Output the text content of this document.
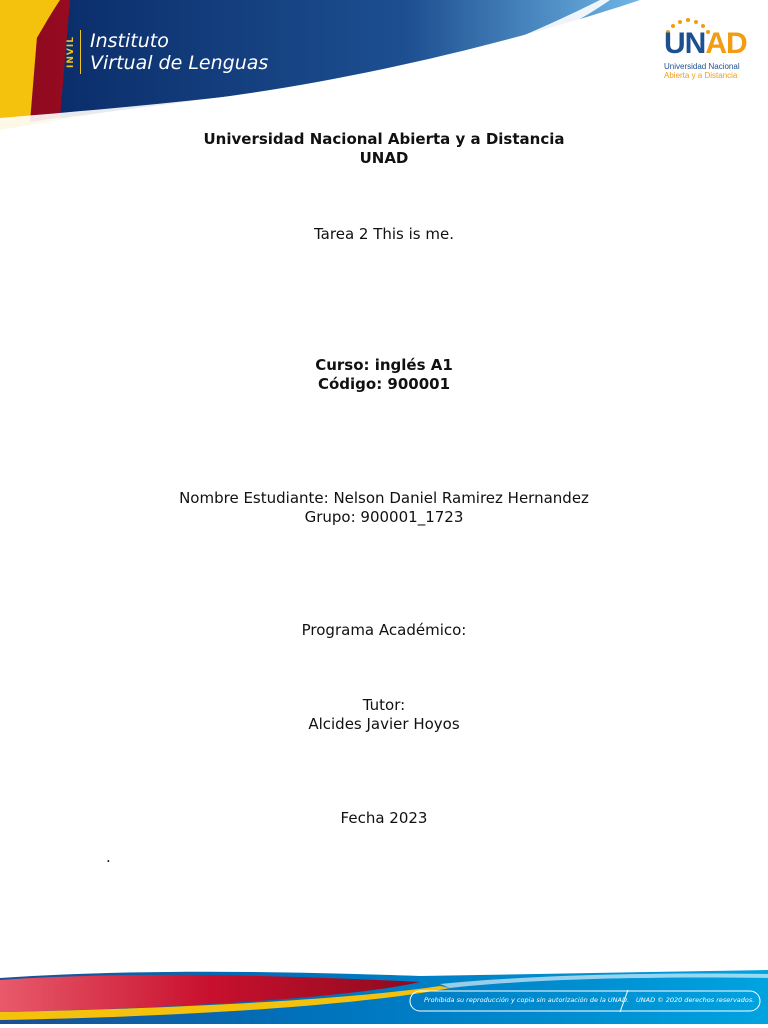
INVIL Instituto
Virtual de Lenguas
UNAD
Universidad Nacional
Abierta y a Distancia
Universidad Nacional Abierta y a Distancia
UNAD
Tarea 2 This is me.
Curso: inglés A1
Código: 900001
Nombre Estudiante: Nelson Daniel Ramirez Hernandez
Grupo: 900001_1723
Programa Académico:
Tutor:
Alcides Javier Hoyos
Fecha 2023
.
Prohibida su reproducción y copia sin autorización de la UNAD. UNAD © 2020 derechos reservados.
